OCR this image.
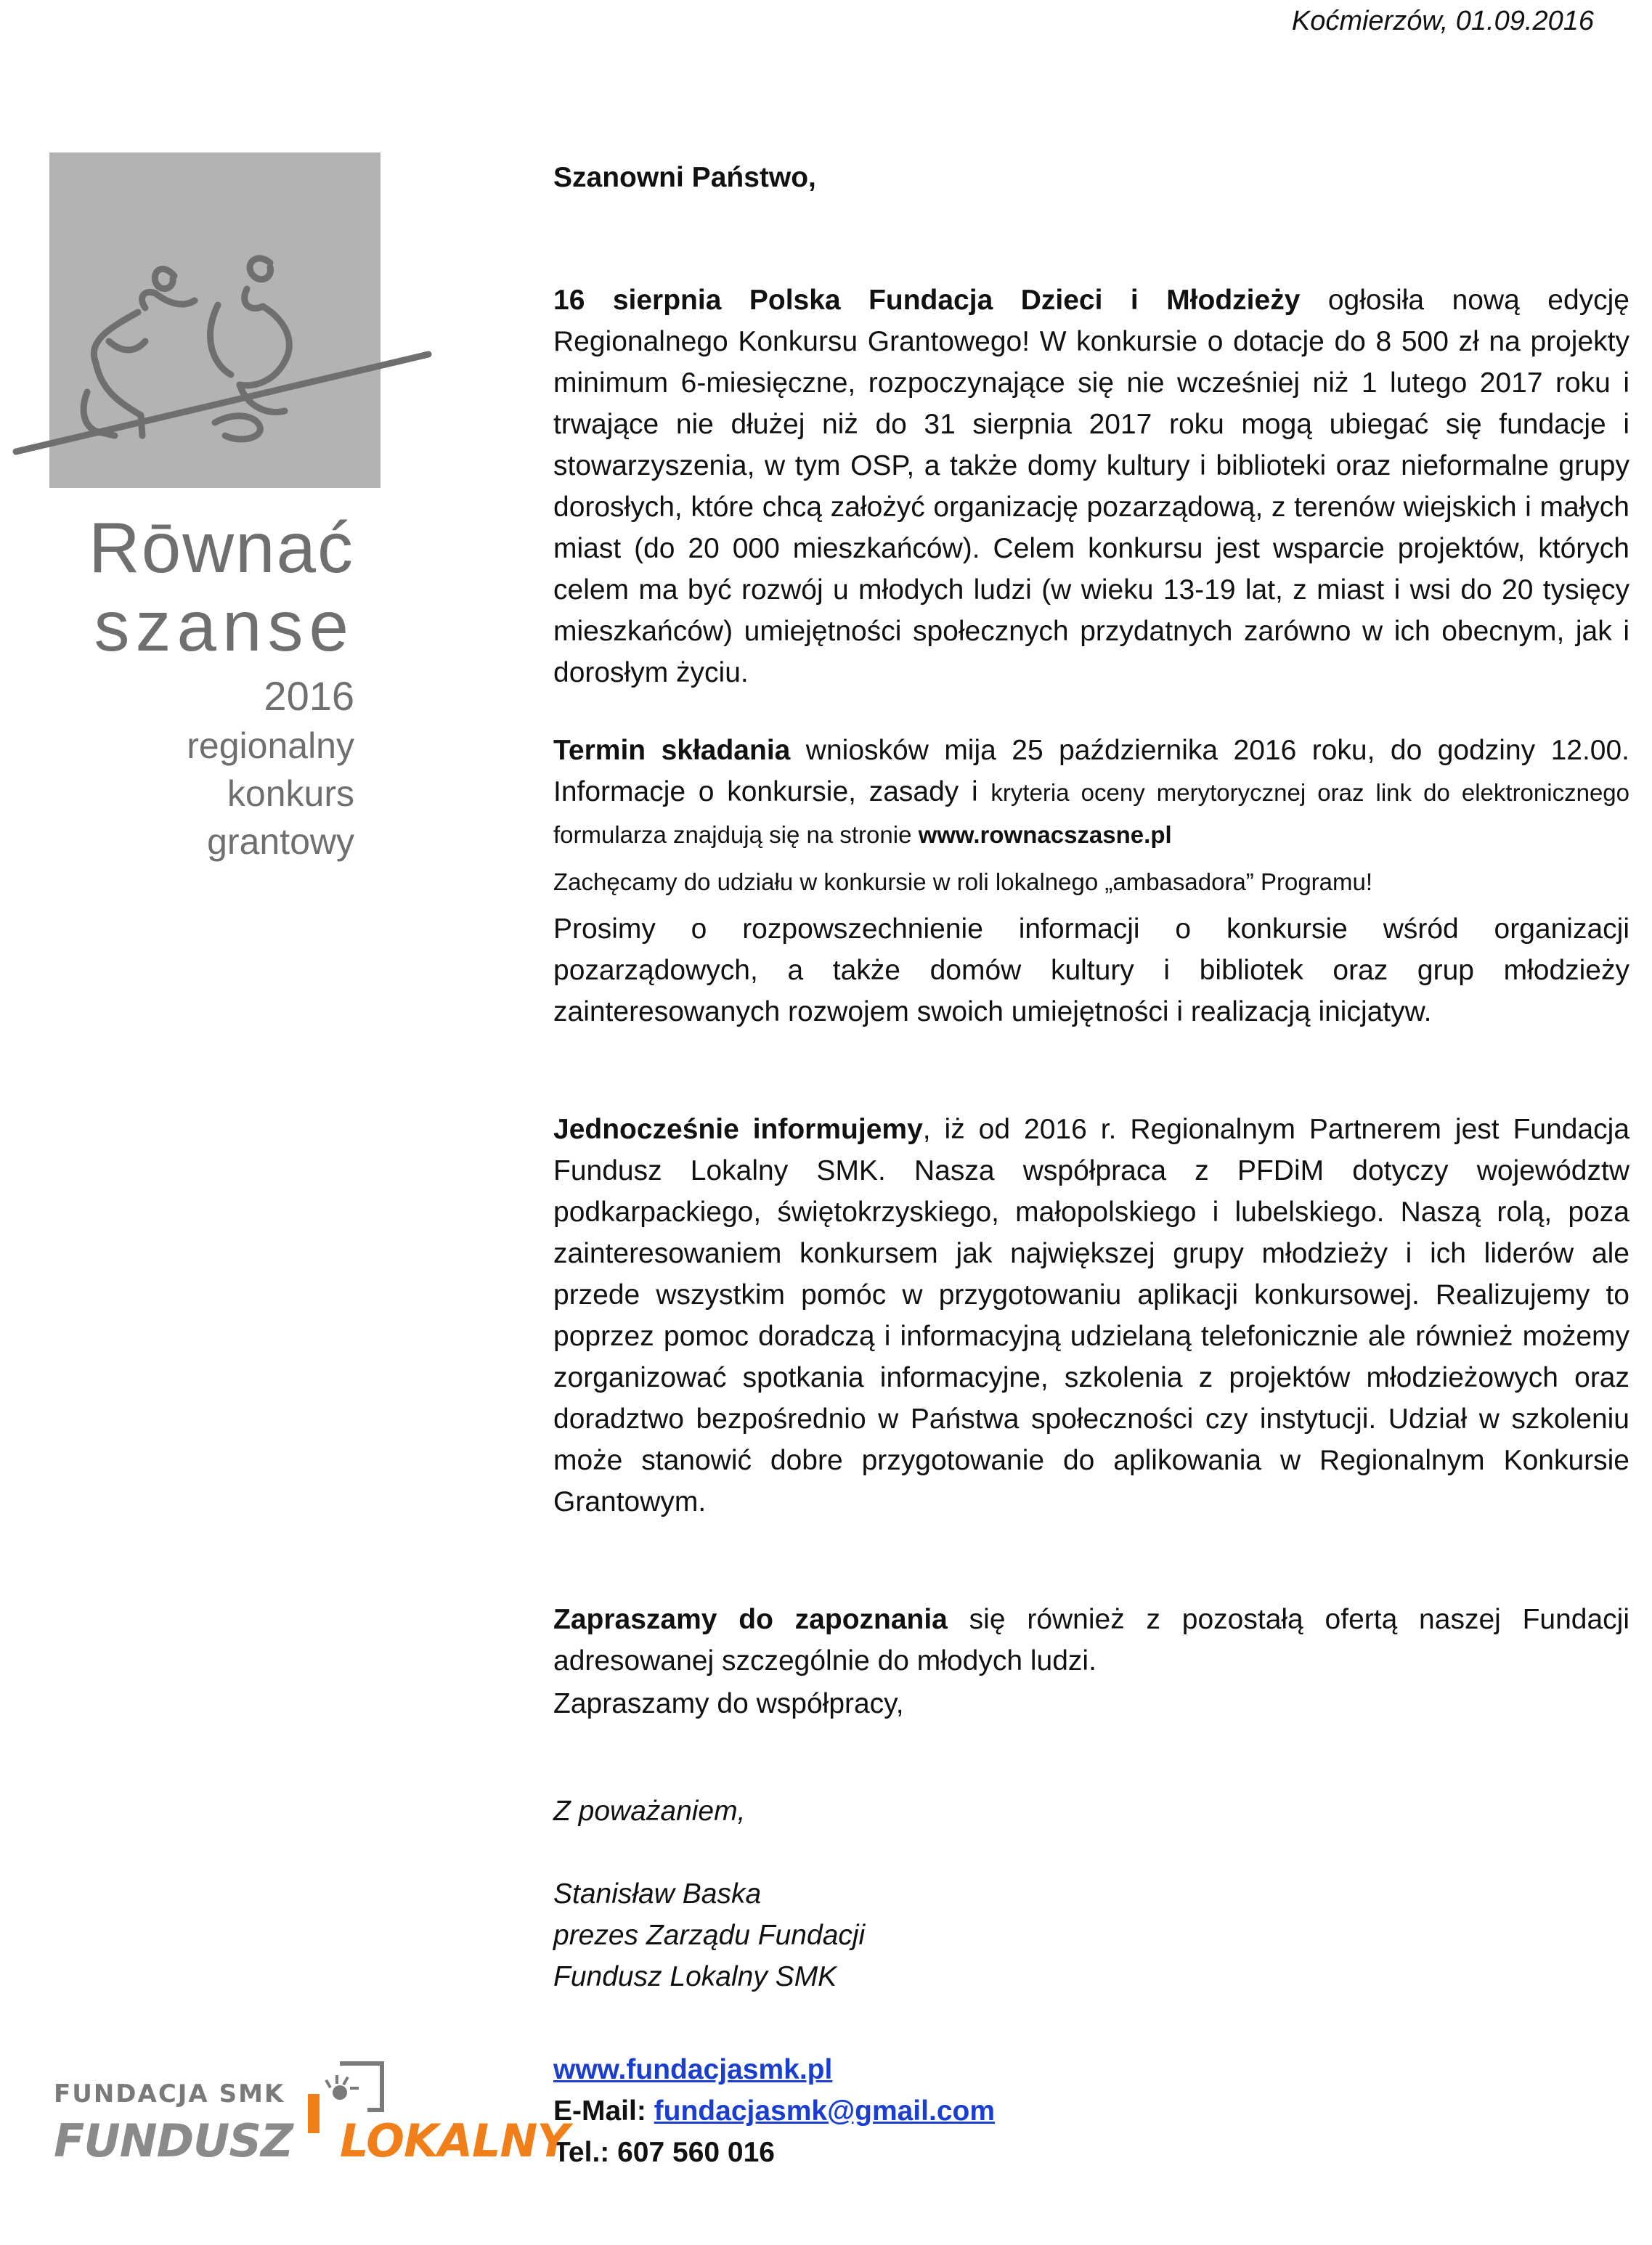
Koćmierzów, 01.09.2016
Rōwnać
szanse
2016
regionalny
konkurs
grantowy

Szanowni Państwo,

16 sierpnia Polska Fundacja Dzieci i Młodzieży ogłosiła nową edycję Regionalnego Konkursu Grantowego! W konkursie o dotacje do 8 500 zł na projekty minimum 6-miesięczne, rozpoczynające się nie wcześniej niż 1 lutego 2017 roku i trwające nie dłużej niż do 31 sierpnia 2017 roku mogą ubiegać się fundacje i stowarzyszenia, w tym OSP, a także domy kultury i biblioteki oraz nieformalne grupy dorosłych, które chcą założyć organizację pozarządową, z terenów wiejskich i małych miast (do 20 000 mieszkańców). Celem konkursu jest wsparcie projektów, których celem ma być rozwój u młodych ludzi (w wieku 13-19 lat, z miast i wsi do 20 tysięcy mieszkańców) umiejętności społecznych przydatnych zarówno w ich obecnym, jak i dorosłym życiu.

Termin składania wniosków mija 25 października 2016 roku, do godziny 12.00. Informacje o konkursie, zasady i kryteria oceny merytorycznej oraz link do elektronicznego formularza znajdują się na stronie www.rownacszasne.pl

Zachęcamy do udziału w konkursie w roli lokalnego „ambasadora” Programu!

Prosimy o rozpowszechnienie informacji o konkursie wśród organizacji pozarządowych, a także domów kultury i bibliotek oraz grup młodzieży zainteresowanych rozwojem swoich umiejętności i realizacją inicjatyw.

Jednocześnie informujemy, iż od 2016 r. Regionalnym Partnerem jest Fundacja Fundusz Lokalny SMK. Nasza współpraca z PFDiM dotyczy województw podkarpackiego, świętokrzyskiego, małopolskiego i lubelskiego. Naszą rolą, poza zainteresowaniem konkursem jak największej grupy młodzieży i ich liderów ale przede wszystkim pomóc w przygotowaniu aplikacji konkursowej. Realizujemy to poprzez pomoc doradczą i informacyjną udzielaną telefonicznie ale również możemy zorganizować spotkania informacyjne, szkolenia z projektów młodzieżowych oraz doradztwo bezpośrednio w Państwa społeczności czy instytucji. Udział w szkoleniu może stanowić dobre przygotowanie do aplikowania w Regionalnym Konkursie Grantowym.

Zapraszamy do zapoznania się również z pozostałą ofertą naszej Fundacji adresowanej szczególnie do młodych ludzi.

Zapraszamy do współpracy,

Z poważaniem,
Stanisław Baska
prezes Zarządu Fundacji
Fundusz Lokalny SMK
www.fundacjasmk.pl
E-Mail: fundacjasmk@gmail.com
Tel.: 607 560 016
FUNDACJA SMK
FUNDUSZ LOKALNY
